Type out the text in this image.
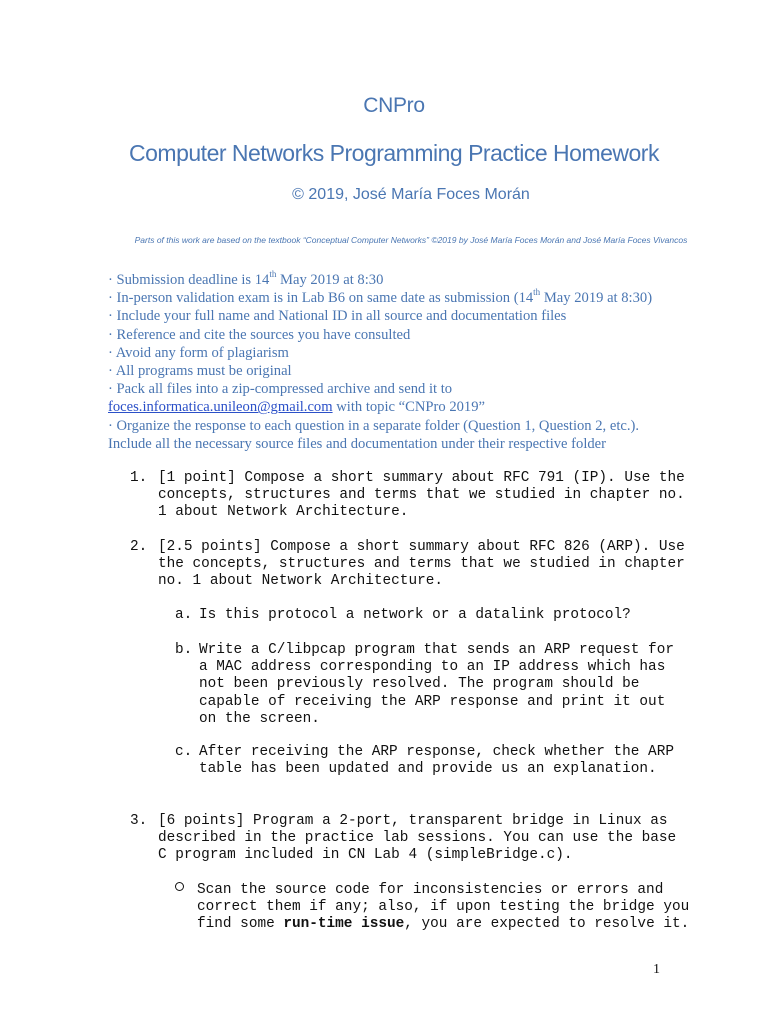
CNPro
Computer Networks Programming Practice Homework
© 2019, José María Foces Morán
Parts of this work are based on the textbook “Conceptual Computer Networks” ©2019 by José María Foces Morán and José María Foces Vivancos
· Submission deadline is 14th May 2019 at 8:30
· In-person validation exam is in Lab B6 on same date as submission (14th May 2019 at 8:30)
· Include your full name and National ID in all source and documentation files
· Reference and cite the sources you have consulted
· Avoid any form of plagiarism
· All programs must be original
· Pack all files into a zip-compressed archive and send it to
foces.informatica.unileon@gmail.com with topic “CNPro 2019”
· Organize the response to each question in a separate folder (Question 1, Question 2, etc.).
Include all the necessary source files and documentation under their respective folder
1. [1 point] Compose a short summary about RFC 791 (IP). Use the
concepts, structures and terms that we studied in chapter no.
1 about Network Architecture.
2. [2.5 points] Compose a short summary about RFC 826 (ARP). Use
the concepts, structures and terms that we studied in chapter
no. 1 about Network Architecture.
a. Is this protocol a network or a datalink protocol?
b. Write a C/libpcap program that sends an ARP request for
a MAC address corresponding to an IP address which has
not been previously resolved. The program should be
capable of receiving the ARP response and print it out
on the screen.
c. After receiving the ARP response, check whether the ARP
table has been updated and provide us an explanation.
3. [6 points] Program a 2-port, transparent bridge in Linux as
described in the practice lab sessions. You can use the base
C program included in CN Lab 4 (simpleBridge.c).
Scan the source code for inconsistencies or errors and
correct them if any; also, if upon testing the bridge you
find some run-time issue, you are expected to resolve it.
1
